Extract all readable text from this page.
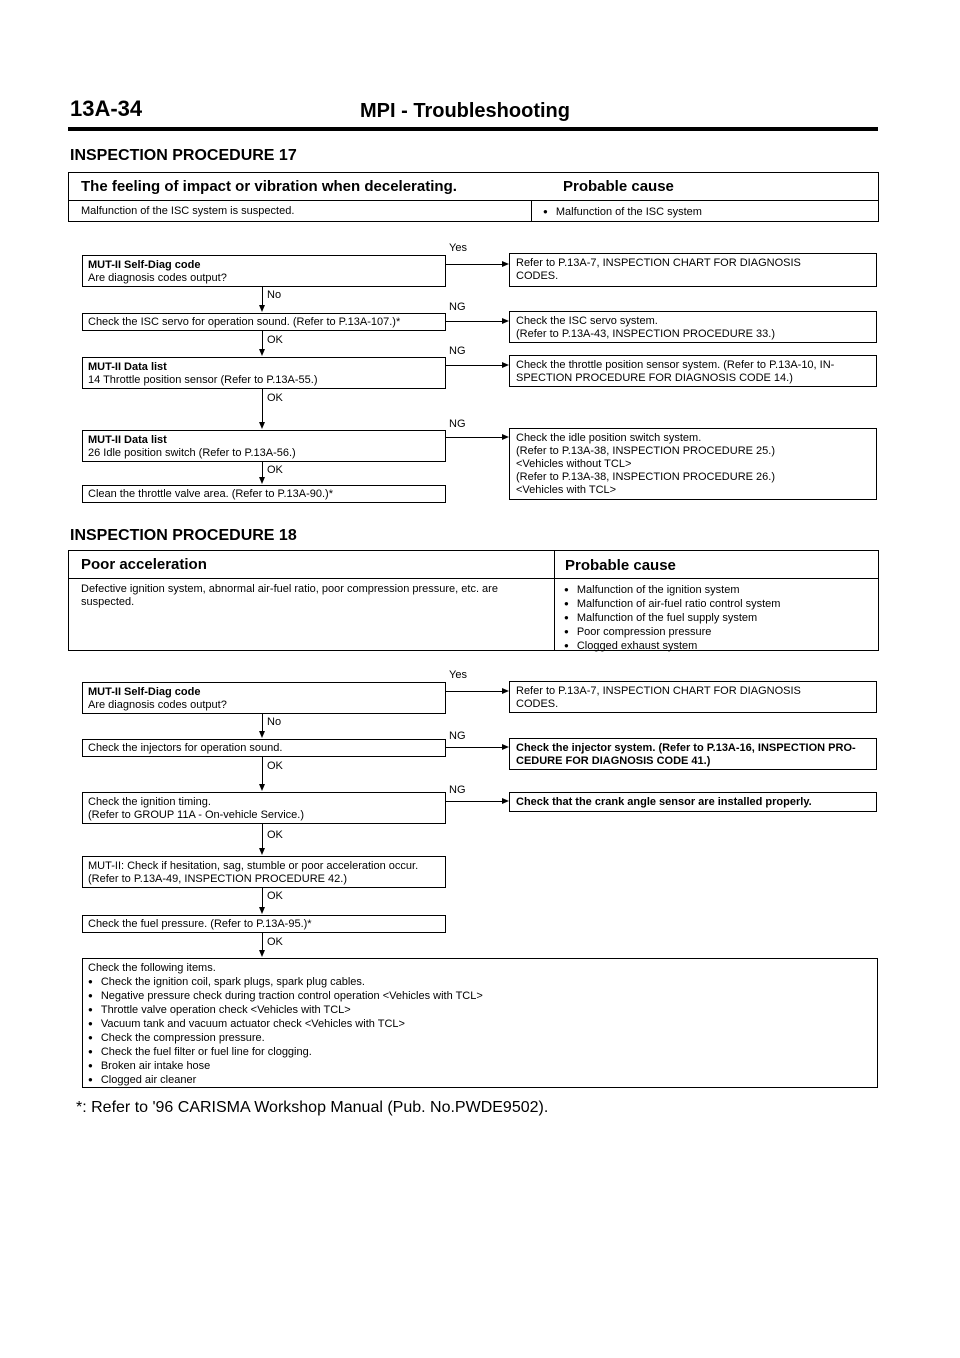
13A-34	MPI - Troubleshooting
INSPECTION PROCEDURE 17
The feeling of impact or vibration when decelerating.	Probable cause
Malfunction of the ISC system is suspected.
●	Malfunction of the ISC system
MUT-II Self-Diag code
Are diagnosis codes output?
Check the ISC servo for operation sound. (Refer to P.13A-107.)*
MUT-II Data list
14 Throttle position sensor (Refer to P.13A-55.)
MUT-II Data list
26 Idle position switch (Refer to P.13A-56.)
Clean the throttle valve area. (Refer to P.13A-90.)*
Refer to P.13A-7, INSPECTION CHART FOR DIAGNOSIS
CODES.
Check the ISC servo system.
(Refer to P.13A-43, INSPECTION PROCEDURE 33.)
Check the throttle position sensor system. (Refer to P.13A-10, IN-
SPECTION PROCEDURE FOR DIAGNOSIS CODE 14.)
Check the idle position switch system.
(Refer to P.13A-38, INSPECTION PROCEDURE 25.)
<Vehicles without TCL>
(Refer to P.13A-38, INSPECTION PROCEDURE 26.)
<Vehicles with TCL>
Yes
No
NG
OK
NG
OK
NG
OK
INSPECTION PROCEDURE 18
Poor acceleration	Probable cause
Defective ignition system, abnormal air-fuel ratio, poor compression pressure, etc. are suspected.
● Malfunction of the ignition system
● Malfunction of air-fuel ratio control system
● Malfunction of the fuel supply system
● Poor compression pressure
● Clogged exhaust system
MUT-II Self-Diag code
Are diagnosis codes output?
Check the injectors for operation sound.
Check the ignition timing.
(Refer to GROUP 11A - On-vehicle Service.)
MUT-II: Check if hesitation, sag, stumble or poor acceleration occur.
(Refer to P.13A-49, INSPECTION PROCEDURE 42.)
Check the fuel pressure. (Refer to P.13A-95.)*
Refer to P.13A-7, INSPECTION CHART FOR DIAGNOSIS
CODES.
Check the injector system. (Refer to P.13A-16, INSPECTION PRO-
CEDURE FOR DIAGNOSIS CODE 41.)
Check that the crank angle sensor are installed properly.
Check the following items.
● Check the ignition coil, spark plugs, spark plug cables.
● Negative pressure check during traction control operation <Vehicles with TCL>
● Throttle valve operation check <Vehicles with TCL>
● Vacuum tank and vacuum actuator check <Vehicles with TCL>
● Check the compression pressure.
● Check the fuel filter or fuel line for clogging.
● Broken air intake hose
● Clogged air cleaner
Yes
No
NG
OK
NG
OK
OK
OK
*: Refer to '96 CARISMA Workshop Manual (Pub. No.PWDE9502).
